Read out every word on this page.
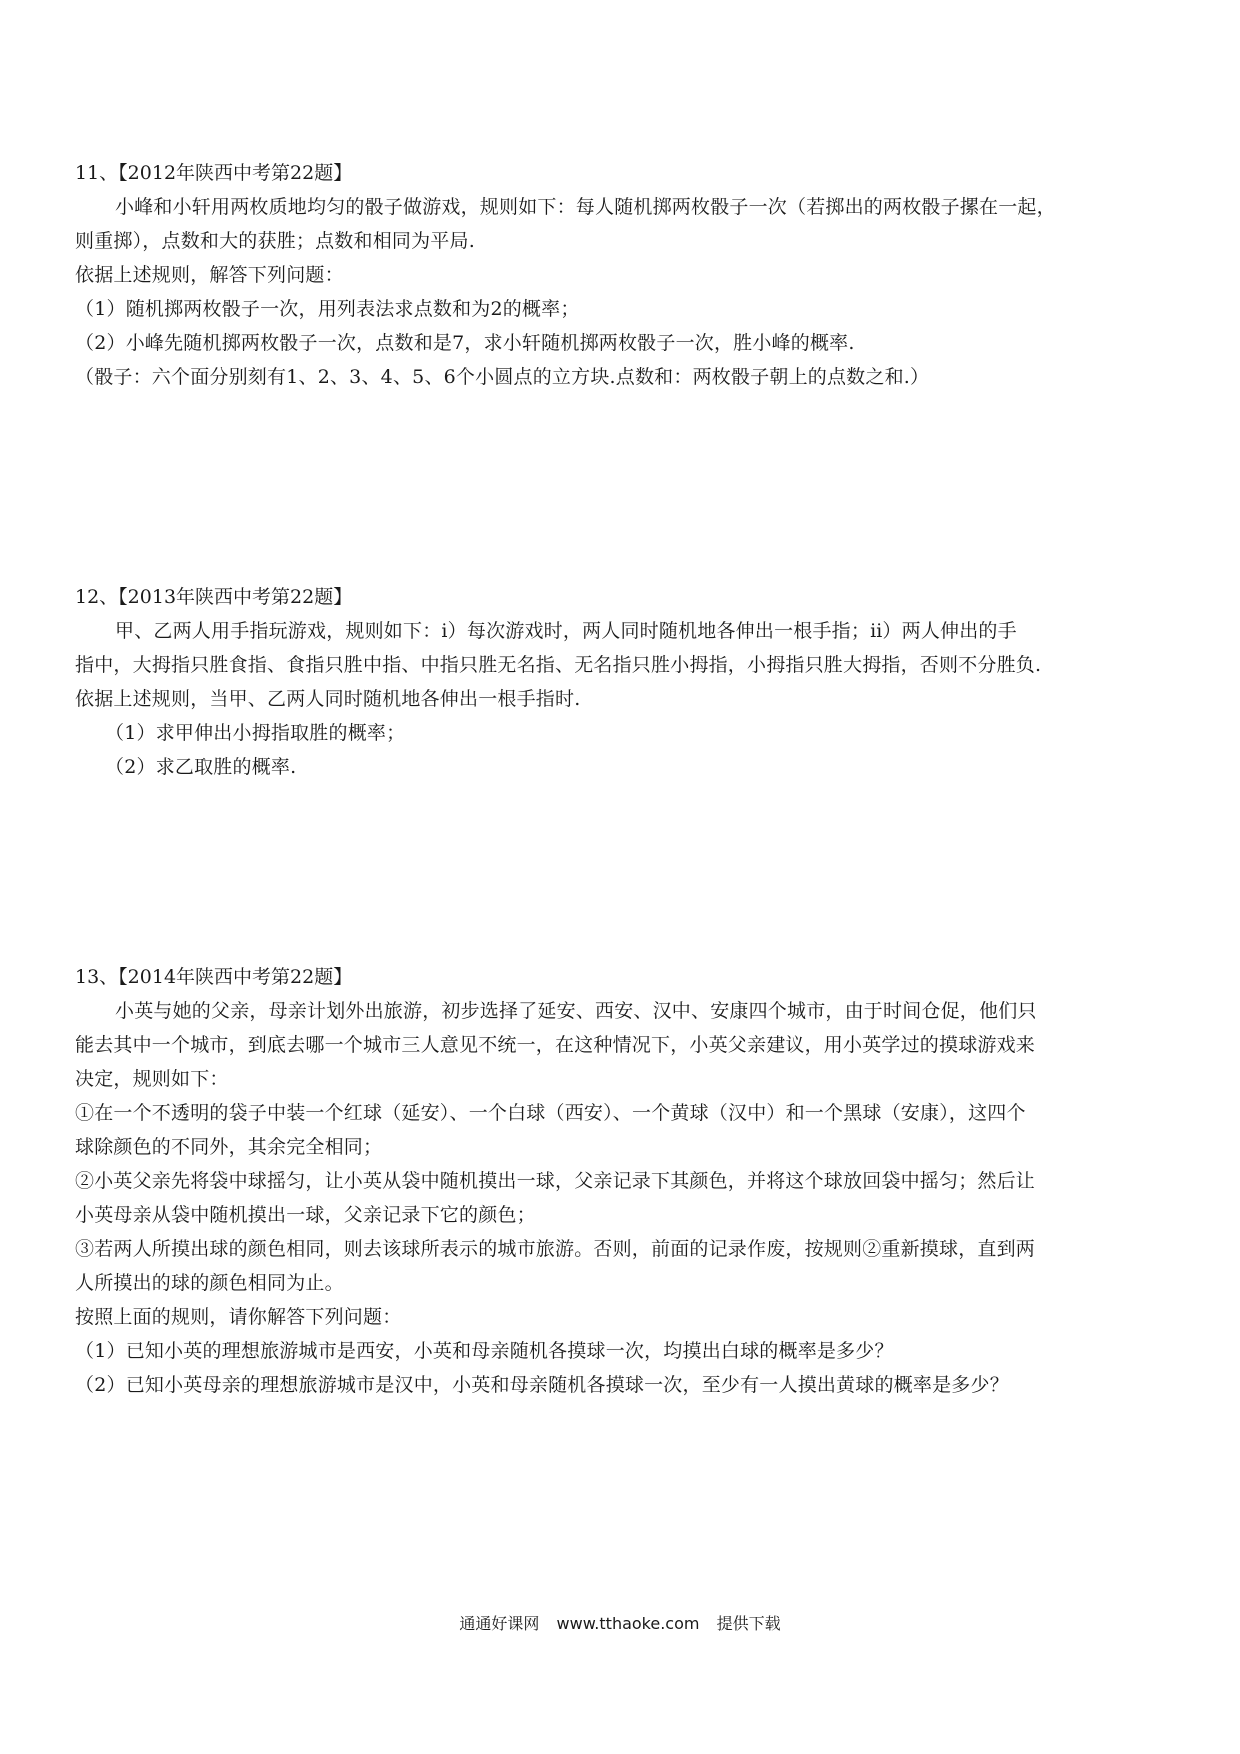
11、【2012年陕西中考第22题】
小峰和小轩用两枚质地均匀的骰子做游戏，规则如下：每人随机掷两枚骰子一次（若掷出的两枚骰子摞在一起，
则重掷），点数和大的获胜；点数和相同为平局.
依据上述规则，解答下列问题：
（1）随机掷两枚骰子一次，用列表法求点数和为2的概率；
（2）小峰先随机掷两枚骰子一次，点数和是7，求小轩随机掷两枚骰子一次，胜小峰的概率.
（骰子：六个面分别刻有1、2、3、4、5、6个小圆点的立方块.点数和：两枚骰子朝上的点数之和.）
12、【2013年陕西中考第22题】
甲、乙两人用手指玩游戏，规则如下：ⅰ）每次游戏时，两人同时随机地各伸出一根手指；ⅱ）两人伸出的手
指中，大拇指只胜食指、食指只胜中指、中指只胜无名指、无名指只胜小拇指，小拇指只胜大拇指，否则不分胜负.
依据上述规则，当甲、乙两人同时随机地各伸出一根手指时.
（1）求甲伸出小拇指取胜的概率；
（2）求乙取胜的概率.
13、【2014年陕西中考第22题】
小英与她的父亲，母亲计划外出旅游，初步选择了延安、西安、汉中、安康四个城市，由于时间仓促，他们只
能去其中一个城市，到底去哪一个城市三人意见不统一，在这种情况下，小英父亲建议，用小英学过的摸球游戏来
决定，规则如下：
①在一个不透明的袋子中装一个红球（延安）、一个白球（西安）、一个黄球（汉中）和一个黑球（安康），这四个
球除颜色的不同外，其余完全相同；
②小英父亲先将袋中球摇匀，让小英从袋中随机摸出一球，父亲记录下其颜色，并将这个球放回袋中摇匀；然后让
小英母亲从袋中随机摸出一球，父亲记录下它的颜色；
③若两人所摸出球的颜色相同，则去该球所表示的城市旅游。否则，前面的记录作废，按规则②重新摸球，直到两
人所摸出的球的颜色相同为止。
按照上面的规则，请你解答下列问题：
（1）已知小英的理想旅游城市是西安，小英和母亲随机各摸球一次，均摸出白球的概率是多少？
（2）已知小英母亲的理想旅游城市是汉中，小英和母亲随机各摸球一次，至少有一人摸出黄球的概率是多少？
通通好课网 www.tthaoke.com 提供下载
